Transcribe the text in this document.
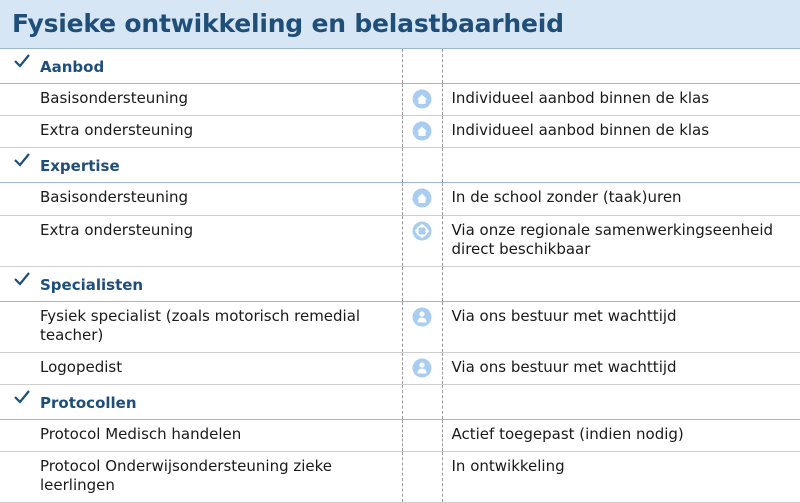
Fysieke ontwikkeling en belastbaarheid
Aanbod		
Basisondersteuning		Individueel aanbod binnen de klas
Extra ondersteuning		Individueel aanbod binnen de klas

Expertise		
Basisondersteuning		In de school zonder (taak)uren
Extra ondersteuning		Via onze regionale samenwerkingseenheid direct beschikbaar

Specialisten		
Fysiek specialist (zoals motorisch remedial teacher)		Via ons bestuur met wachttijd
Logopedist		Via ons bestuur met wachttijd

Protocollen		
Protocol Medisch handelen		Actief toegepast (indien nodig)
Protocol Onderwijsondersteuning zieke leerlingen		In ontwikkeling
